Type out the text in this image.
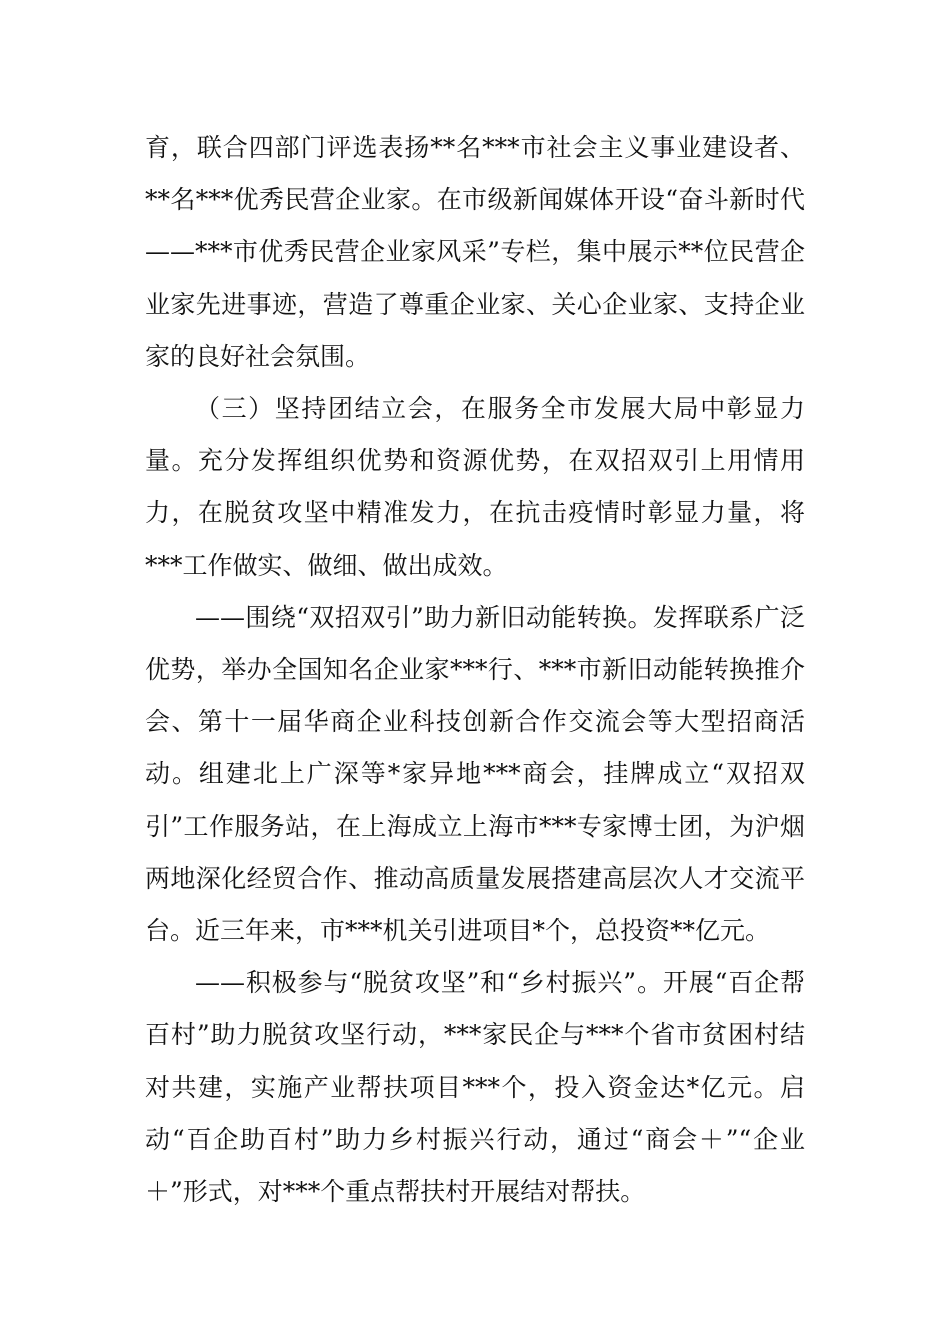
育，联合四部门评选表扬**名***市社会主义事业建设者、**名***优秀民营企业家。在市级新闻媒体开设“奋斗新时代——***市优秀民营企业家风采”专栏，集中展示**位民营企业家先进事迹，营造了尊重企业家、关心企业家、支持企业家的良好社会氛围。

（三）坚持团结立会，在服务全市发展大局中彰显力量。充分发挥组织优势和资源优势，在双招双引上用情用力，在脱贫攻坚中精准发力，在抗击疫情时彰显力量，将***工作做实、做细、做出成效。

——围绕“双招双引”助力新旧动能转换。发挥联系广泛优势，举办全国知名企业家***行、***市新旧动能转换推介会、第十一届华商企业科技创新合作交流会等大型招商活动。组建北上广深等*家异地***商会，挂牌成立“双招双引”工作服务站，在上海成立上海市***专家博士团，为沪烟两地深化经贸合作、推动高质量发展搭建高层次人才交流平台。近三年来，市***机关引进项目*个，总投资**亿元。

——积极参与“脱贫攻坚”和“乡村振兴”。开展“百企帮百村”助力脱贫攻坚行动，***家民企与***个省市贫困村结对共建，实施产业帮扶项目***个，投入资金达*亿元。启动“百企助百村”助力乡村振兴行动，通过“商会＋”“企业＋”形式，对***个重点帮扶村开展结对帮扶。
